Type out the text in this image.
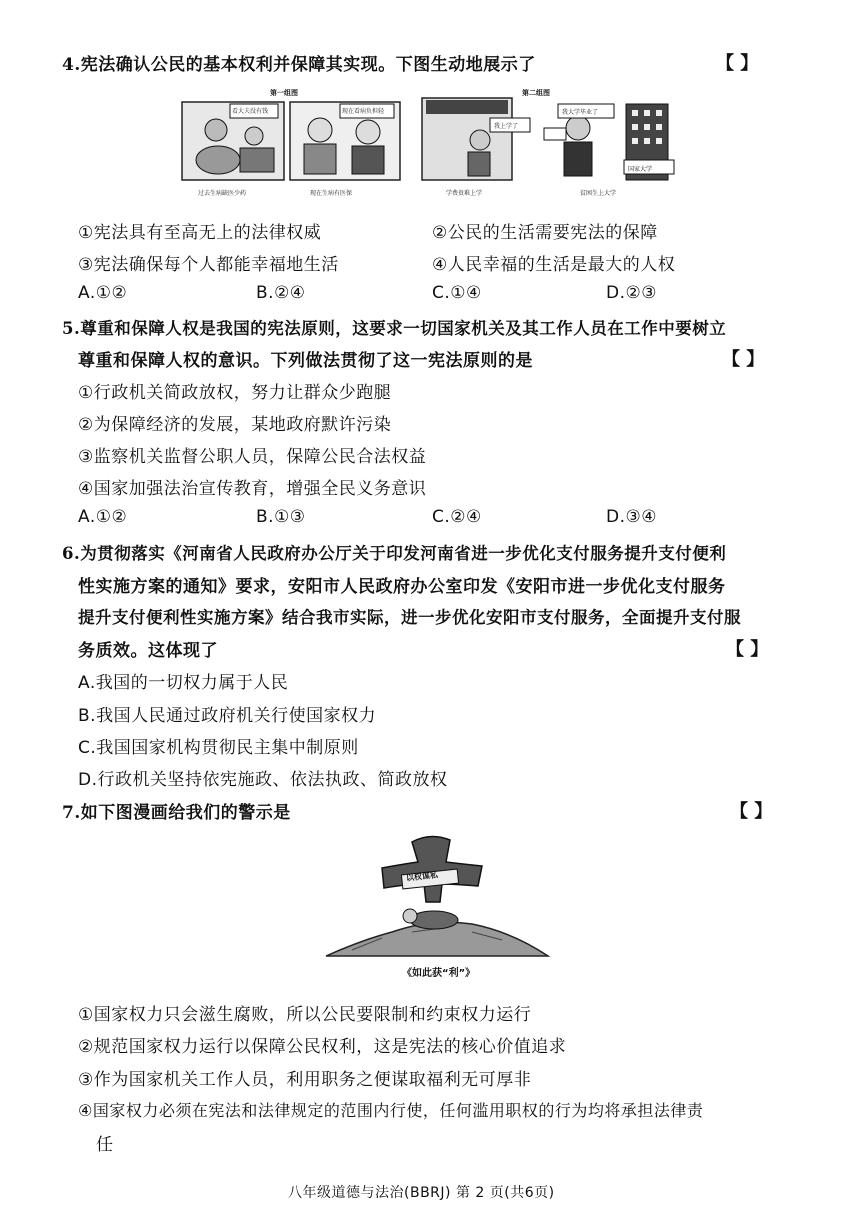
4.宪法确认公民的基本权利并保障其实现。下图生动地展示了	【 】
第一组图	第二组图
看大夫没有钱	现在看病负担轻
我上学了
我大学毕业了
国家大学
过去生病缺医少药	现在生病有医保	学费贵难上学	贫困生上大学
①宪法具有至高无上的法律权威	②公民的生活需要宪法的保障
③宪法确保每个人都能幸福地生活	④人民幸福的生活是最大的人权
A.①②	B.②④	C.①④	D.②③
5.尊重和保障人权是我国的宪法原则，这要求一切国家机关及其工作人员在工作中要树立
尊重和保障人权的意识。下列做法贯彻了这一宪法原则的是	【 】
①行政机关简政放权，努力让群众少跑腿
②为保障经济的发展，某地政府默许污染
③监察机关监督公职人员，保障公民合法权益
④国家加强法治宣传教育，增强全民义务意识
A.①②	B.①③	C.②④	D.③④
6.为贯彻落实《河南省人民政府办公厅关于印发河南省进一步优化支付服务提升支付便利
性实施方案的通知》要求，安阳市人民政府办公室印发《安阳市进一步优化支付服务
提升支付便利性实施方案》结合我市实际，进一步优化安阳市支付服务，全面提升支付服
务质效。这体现了	【 】
A.我国的一切权力属于人民
B.我国人民通过政府机关行使国家权力
C.我国国家机构贯彻民主集中制原则
D.行政机关坚持依宪施政、依法执政、简政放权
7.如下图漫画给我们的警示是	【 】
以权谋私
《如此获“利”》
①国家权力只会滋生腐败，所以公民要限制和约束权力运行
②规范国家权力运行以保障公民权利，这是宪法的核心价值追求
③作为国家机关工作人员，利用职务之便谋取福利无可厚非
④国家权力必须在宪法和法律规定的范围内行使，任何滥用职权的行为均将承担法律责
任
八年级道德与法治(BBRJ) 第 2 页(共6页)
